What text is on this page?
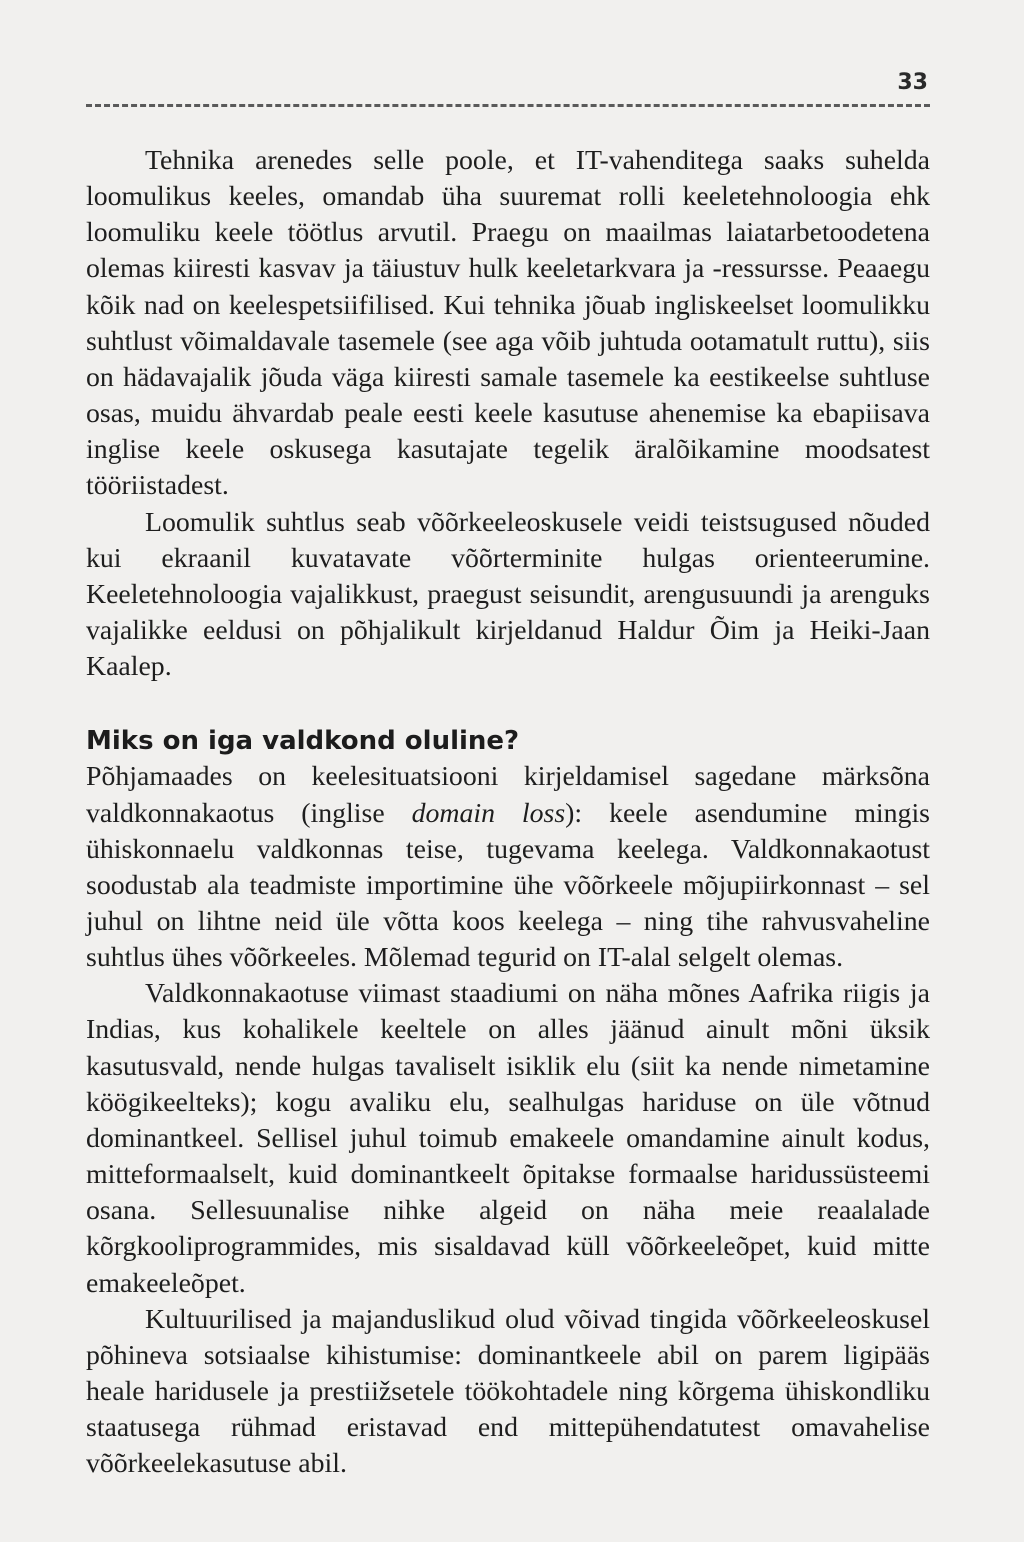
33

Tehnika arenedes selle poole, et IT-vahenditega saaks suhelda loomulikus keeles, omandab üha suuremat rolli keeletehnoloogia ehk loomuliku keele töötlus arvutil. Praegu on maailmas laiatarbetoodetena olemas kiiresti kasvav ja täiustuv hulk keeletarkvara ja -ressursse. Peaaegu kõik nad on keelespetsiifilised. Kui tehnika jõuab ingliskeelset loomulikku suhtlust võimaldavale tasemele (see aga võib juhtuda ootamatult ruttu), siis on hädavajalik jõuda väga kiiresti samale tasemele ka eestikeelse suhtluse osas, muidu ähvardab peale eesti keele kasutuse ahenemise ka ebapiisava inglise keele oskusega kasutajate tegelik äralõikamine moodsatest tööriistadest.

Loomulik suhtlus seab võõrkeeleoskusele veidi teistsugused nõuded kui ekraanil kuvatavate võõrterminite hulgas orienteerumine. Keeletehnoloogia vajalikkust, praegust seisundit, arengusuundi ja arenguks vajalikke eeldusi on põhjalikult kirjeldanud Haldur Õim ja Heiki-Jaan Kaalep.

Miks on iga valdkond oluline?

Põhjamaades on keelesituatsiooni kirjeldamisel sagedane märksõna valdkonnakaotus (inglise domain loss): keele asendumine mingis ühiskonnaelu valdkonnas teise, tugevama keelega. Valdkonnakaotust soodustab ala teadmiste importimine ühe võõrkeele mõjupiirkonnast – sel juhul on lihtne neid üle võtta koos keelega – ning tihe rahvusvaheline suhtlus ühes võõrkeeles. Mõlemad tegurid on IT-alal selgelt olemas.

Valdkonnakaotuse viimast staadiumi on näha mõnes Aafrika riigis ja Indias, kus kohalikele keeltele on alles jäänud ainult mõni üksik kasutusvald, nende hulgas tavaliselt isiklik elu (siit ka nende nimetamine köögikeelteks); kogu avaliku elu, sealhulgas hariduse on üle võtnud dominantkeel. Sellisel juhul toimub emakeele omandamine ainult kodus, mitteformaalselt, kuid dominantkeelt õpitakse formaalse haridussüsteemi osana. Sellesuunalise nihke algeid on näha meie reaalalade kõrgkooliprogrammides, mis sisaldavad küll võõrkeeleõpet, kuid mitte emakeeleõpet.

Kultuurilised ja majanduslikud olud võivad tingida võõrkeeleoskusel põhineva sotsiaalse kihistumise: dominantkeele abil on parem ligipääs heale haridusele ja prestiižsetele töökohtadele ning kõrgema ühiskondliku staatusega rühmad eristavad end mittepühendatutest omavahelise võõrkeelekasutuse abil.
